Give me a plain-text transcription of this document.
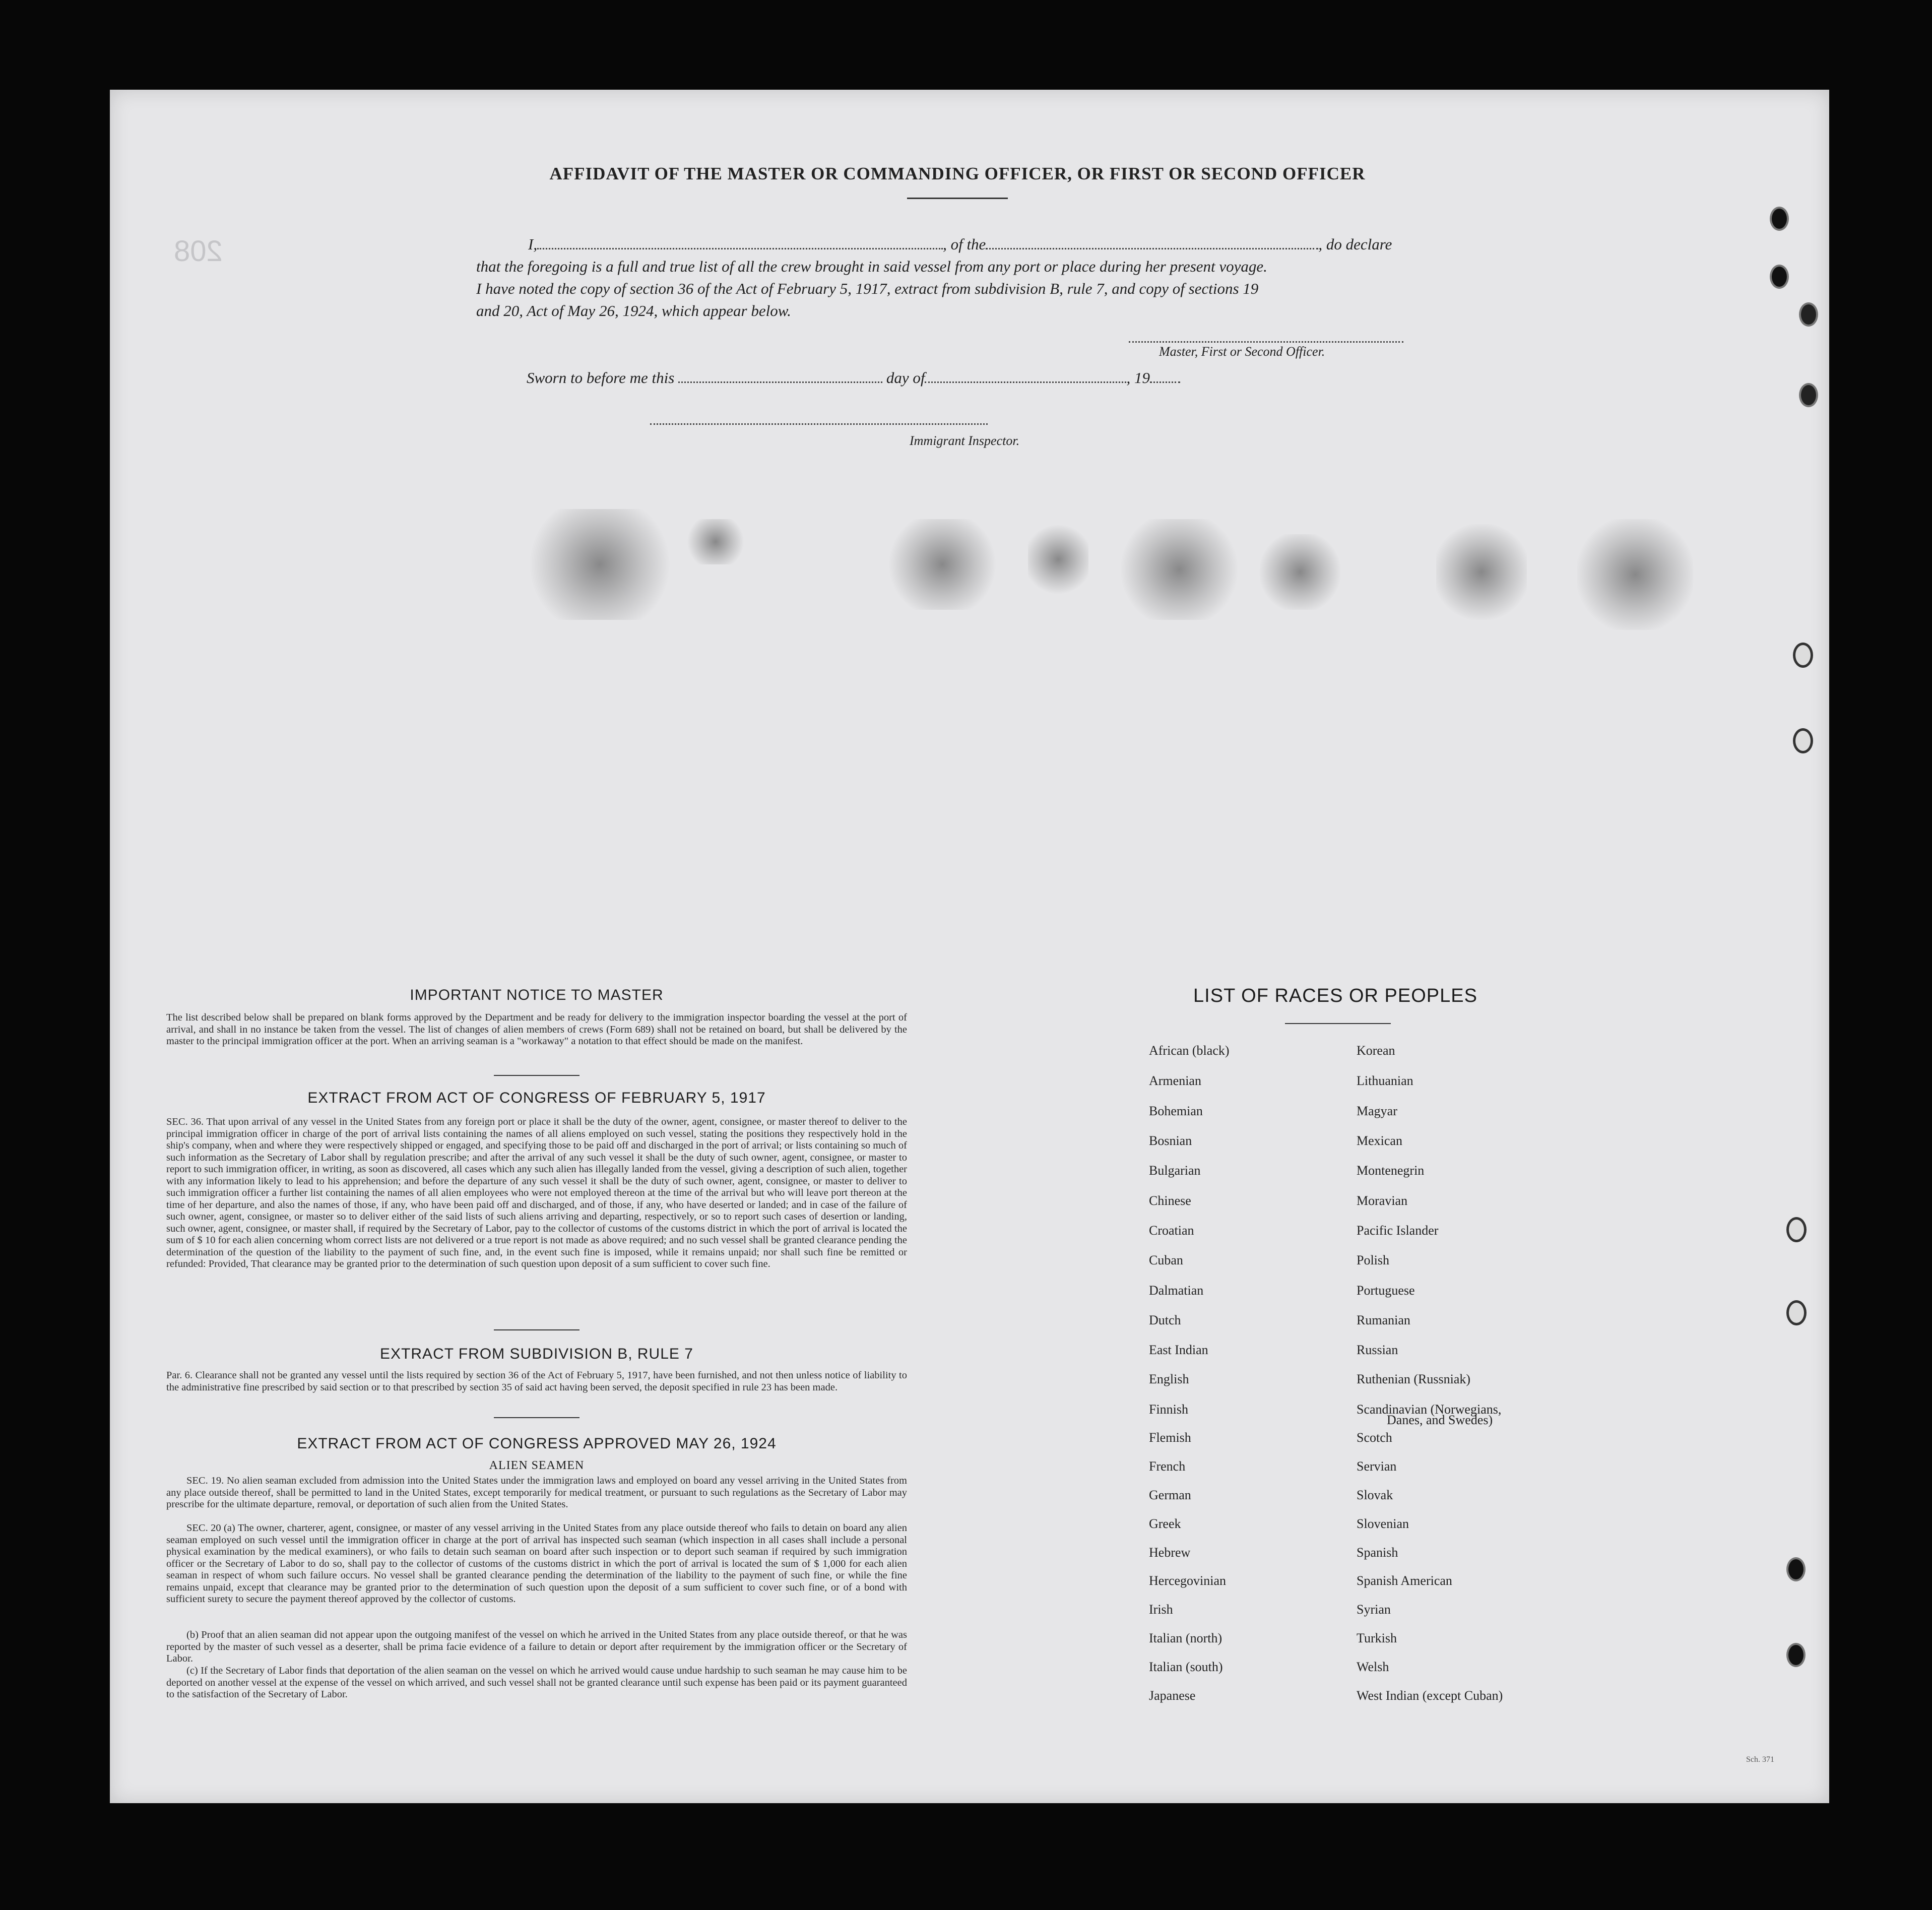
208
AFFIDAVIT OF THE MASTER OR COMMANDING OFFICER, OR FIRST OR SECOND OFFICER
I,	, of the	, do declare
that the foregoing is a full and true list of all the crew brought in said vessel from any port or place during her present voyage.
I have noted the copy of section 36 of the Act of February 5, 1917, extract from subdivision B, rule 7, and copy of sections 19
and 20, Act of May 26, 1924, which appear below.
Master, First or Second Officer.
Sworn to before me this	day of	, 19
Immigrant Inspector.
IMPORTANT NOTICE TO MASTER
The list described below shall be prepared on blank forms approved by the Department and be ready for delivery to the immigration inspector boarding the vessel at the port of arrival, and shall in no instance be taken from the vessel. The list of changes of alien members of crews (Form 689) shall not be retained on board, but shall be delivered by the master to the principal immigration officer at the port. When an arriving seaman is a "workaway" a notation to that effect should be made on the manifest.
EXTRACT FROM ACT OF CONGRESS OF FEBRUARY 5, 1917
SEC. 36. That upon arrival of any vessel in the United States from any foreign port or place it shall be the duty of the owner, agent, consignee, or master thereof to deliver to the principal immigration officer in charge of the port of arrival lists containing the names of all aliens employed on such vessel, stating the positions they respectively hold in the ship's company, when and where they were respectively shipped or engaged, and specifying those to be paid off and discharged in the port of arrival; or lists containing so much of such information as the Secretary of Labor shall by regulation prescribe; and after the arrival of any such vessel it shall be the duty of such owner, agent, consignee, or master to report to such immigration officer, in writing, as soon as discovered, all cases which any such alien has illegally landed from the vessel, giving a description of such alien, together with any information likely to lead to his apprehension; and before the departure of any such vessel it shall be the duty of such owner, agent, consignee, or master to deliver to such immigration officer a further list containing the names of all alien employees who were not employed thereon at the time of the arrival but who will leave port thereon at the time of her departure, and also the names of those, if any, who have been paid off and discharged, and of those, if any, who have deserted or landed; and in case of the failure of such owner, agent, consignee, or master so to deliver either of the said lists of such aliens arriving and departing, respectively, or so to report such cases of desertion or landing, such owner, agent, consignee, or master shall, if required by the Secretary of Labor, pay to the collector of customs of the customs district in which the port of arrival is located the sum of $ 10 for each alien concerning whom correct lists are not delivered or a true report is not made as above required; and no such vessel shall be granted clearance pending the determination of the question of the liability to the payment of such fine, and, in the event such fine is imposed, while it remains unpaid; nor shall such fine be remitted or refunded: Provided, That clearance may be granted prior to the determination of such question upon deposit of a sum sufficient to cover such fine.
EXTRACT FROM SUBDIVISION B, RULE 7
Par. 6. Clearance shall not be granted any vessel until the lists required by section 36 of the Act of February 5, 1917, have been furnished, and not then unless notice of liability to the administrative fine prescribed by said section or to that prescribed by section 35 of said act having been served, the deposit specified in rule 23 has been made.
EXTRACT FROM ACT OF CONGRESS APPROVED MAY 26, 1924
ALIEN SEAMEN
SEC. 19. No alien seaman excluded from admission into the United States under the immigration laws and employed on board any vessel arriving in the United States from any place outside thereof, shall be permitted to land in the United States, except temporarily for medical treatment, or pursuant to such regulations as the Secretary of Labor may prescribe for the ultimate departure, removal, or deportation of such alien from the United States.
SEC. 20 (a) The owner, charterer, agent, consignee, or master of any vessel arriving in the United States from any place outside thereof who fails to detain on board any alien seaman employed on such vessel until the immigration officer in charge at the port of arrival has inspected such seaman (which inspection in all cases shall include a personal physical examination by the medical examiners), or who fails to detain such seaman on board after such inspection or to deport such seaman if required by such immigration officer or the Secretary of Labor to do so, shall pay to the collector of customs of the customs district in which the port of arrival is located the sum of $ 1,000 for each alien seaman in respect of whom such failure occurs. No vessel shall be granted clearance pending the determination of the liability to the payment of such fine, or while the fine remains unpaid, except that clearance may be granted prior to the determination of such question upon the deposit of a sum sufficient to cover such fine, or of a bond with sufficient surety to secure the payment thereof approved by the collector of customs.
(b) Proof that an alien seaman did not appear upon the outgoing manifest of the vessel on which he arrived in the United States from any place outside thereof, or that he was reported by the master of such vessel as a deserter, shall be prima facie evidence of a failure to detain or deport after requirement by the immigration officer or the Secretary of Labor.
(c) If the Secretary of Labor finds that deportation of the alien seaman on the vessel on which he arrived would cause undue hardship to such seaman he may cause him to be deported on another vessel at the expense of the vessel on which arrived, and such vessel shall not be granted clearance until such expense has been paid or its payment guaranteed to the satisfaction of the Secretary of Labor.
LIST OF RACES OR PEOPLES
African (black)
Armenian
Bohemian
Bosnian
Bulgarian
Chinese
Croatian
Cuban
Dalmatian
Dutch
East Indian
English
Finnish
Flemish
French
German
Greek
Hebrew
Hercegovinian
Irish
Italian (north)
Italian (south)
Japanese
Korean
Lithuanian
Magyar
Mexican
Montenegrin
Moravian
Pacific Islander
Polish
Portuguese
Rumanian
Russian
Ruthenian (Russniak)
Scandinavian (Norwegians,
Scotch
Servian
Slovak
Slovenian
Spanish
Spanish American
Syrian
Turkish
Welsh
West Indian (except Cuban)
Danes, and Swedes)
Sch. 371
